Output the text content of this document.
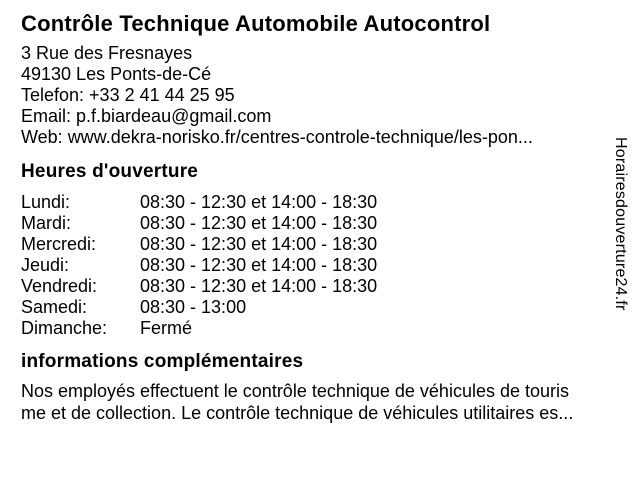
Contrôle Technique Automobile Autocontrol
3 Rue des Fresnayes
49130 Les Ponts-de-Cé
Telefon: +33 2 41 44 25 95
Email: p.f.biardeau@gmail.com
Web: www.dekra-norisko.fr/centres-controle-technique/les-pon...
Heures d'ouverture
Lundi:	08:30 - 12:30 et 14:00 - 18:30
Mardi:	08:30 - 12:30 et 14:00 - 18:30
Mercredi:	08:30 - 12:30 et 14:00 - 18:30
Jeudi:	08:30 - 12:30 et 14:00 - 18:30
Vendredi:	08:30 - 12:30 et 14:00 - 18:30
Samedi:	08:30 - 13:00
Dimanche:	Fermé
informations complémentaires
Nos employés effectuent le contrôle technique de véhicules de touris
me et de collection. Le contrôle technique de véhicules utilitaires es...
Horairesdouverture24.fr
